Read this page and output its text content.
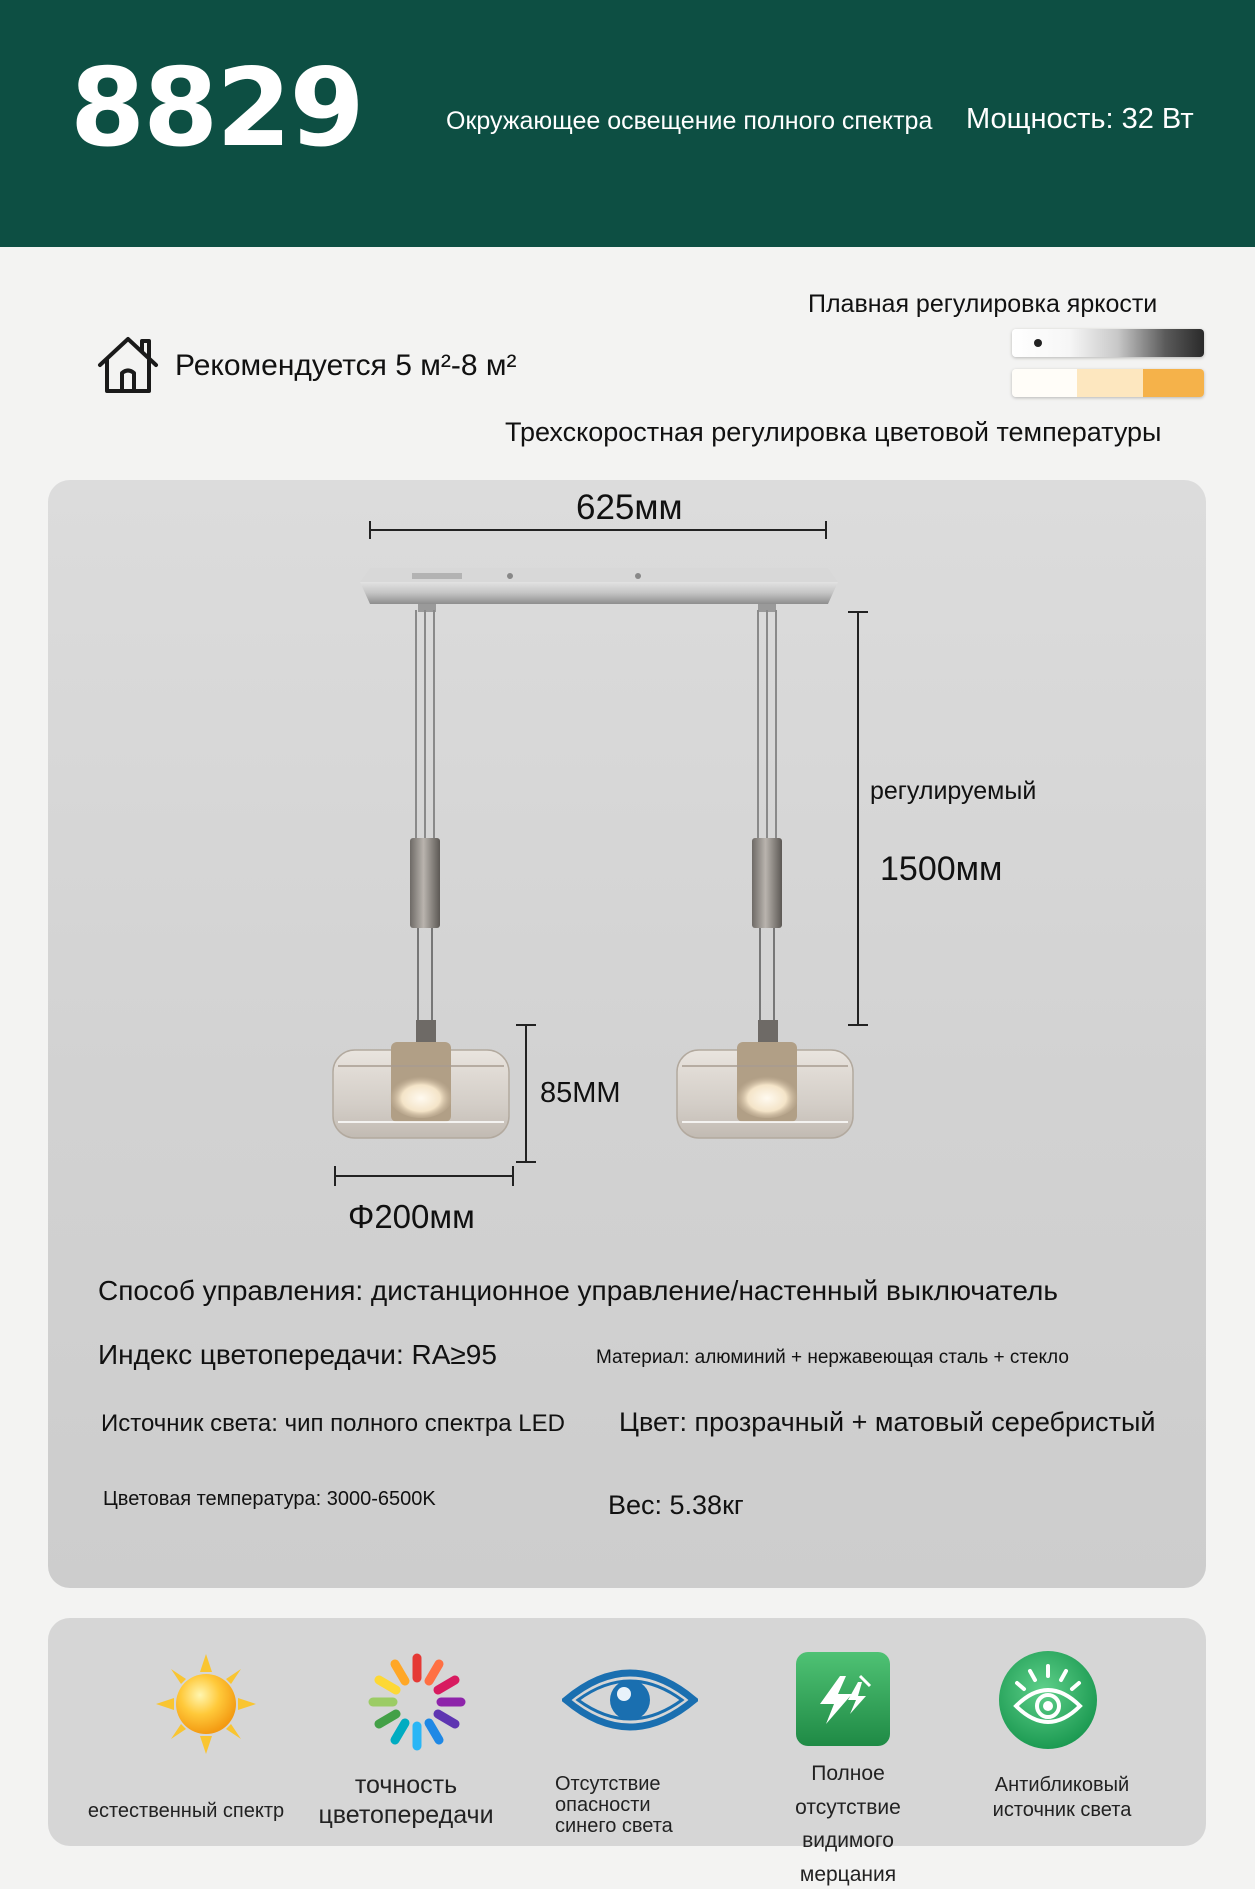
8829	Окружающее освещение полного спектра Мощность: 32 Вт
Рекомендуется 5 м²-8 м²
Плавная регулировка яркости
Трехскоростная регулировка цветовой температуры
625мм
регулируемый
1500мм
85ММ
Φ200мм
Способ управления: дистанционное управление/настенный выключатель
Индекс цветопередачи: RA≥95	Материал: алюминий + нержавеющая сталь + стекло
Источник света: чип полного спектра LED Цвет: прозрачный + матовый серебристый
Цветовая температура: 3000-6500K	Вес: 5.38кг
естественный спектр
точность цветопередачи
Отсутствие опасности синего света
Полное отсутствие видимого мерцания
Антибликовый источник света
